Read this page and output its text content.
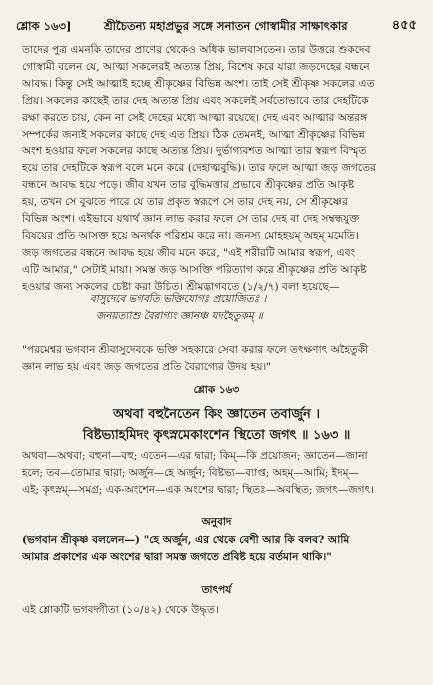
শ্লোক ১৬৩]	শ্রীচৈতন্য মহাপ্রভুর সঙ্গে সনাতন গোস্বামীর সাক্ষাৎকার	৪৫৫
তাদের পুত্র এমনকি তাদের প্রাণের থেকেও অধিক ভালবাসতেন। তার উত্তরে শুকদেব
গোস্বামী বলেন যে, আত্মা সকলেরই অত্যন্ত প্রিয়, বিশেষ করে যারা জড়দেহের বন্ধনে
আবদ্ধ। কিন্তু সেই আত্মাই হচ্ছে শ্রীকৃষ্ণের বিভিন্ন অংশ। তাই সেই শ্রীকৃষ্ণ সকলের এত
প্রিয়। সকলের কাছেই তার দেহ অত্যন্ত প্রিয় এবং সকলেই সর্বতোভাবে তার দেহটিকে
রক্ষা করতে চায়, কেন না সেই দেহের মধ্যে আত্মা রয়েছে। দেহ এবং আত্মার অন্তরঙ্গ
সম্পর্কের জন্যই সকলের কাছে দেহ এত প্রিয়। ঠিক তেমনই, আত্মা শ্রীকৃষ্ণের বিভিন্ন
অংশ হওয়ার ফলে সকলের কাছে অত্যন্ত প্রিয়। দুর্ভাগ্যবশত আত্মা তার স্বরূপ বিস্মৃত
হয়ে তার দেহটিকে স্বরূপ বলে মনে করে (দেহাত্মবুদ্ধি)। তার ফলে আত্মা জড় জগতের
বন্ধনে আবদ্ধ হয়ে পড়ে। জীব যখন তার বুদ্ধিমত্তার প্রভাবে শ্রীকৃষ্ণের প্রতি আকৃষ্ট
হয়, তখন সে বুঝতে পারে যে তার প্রকৃত স্বরূপে সে তার দেহ নয়, সে শ্রীকৃষ্ণের
বিভিন্ন অংশ। এইভাবে যথার্থ জ্ঞান লাভ করার ফলে সে তার দেহ বা দেহ সম্বন্ধযুক্ত
বিষয়ের প্রতি আসক্ত হয়ে অনর্থক পরিশ্রম করে না। জনস্য মোহহয়ম্ অহম্ মমেতি।
জড় জগতের বন্ধনে আবদ্ধ হয়ে জীব মনে করে, "এই শরীরটি আমার স্বরূপ, এবং
এটি আমার," সেটাই মায়া। সমস্ত জড় আসক্তি পরিত্যাগ করে শ্রীকৃষ্ণের প্রতি আকৃষ্ট
হওয়ার জন্য সকলের চেষ্টা করা উচিত। শ্রীমদ্ভাগবতে (১/২/৭) বলা হয়েছে—
বাসুদেবে ভগবতি ভক্তিযোগঃ প্রয়োজিতঃ ।
জনয়ত্যাশু বৈরাগ্যং জ্ঞানঞ্চ যদহৈতুকম্ ॥
"পরমেশ্বর ভগবান শ্রীবাসুদেবকে ভক্তি সহকারে সেবা করার ফলে তৎক্ষণাৎ অহৈতুকী
জ্ঞান লাভ হয় এবং জড় জগতের প্রতি বৈরাগ্যের উদয় হয়।"
শ্লোক ১৬৩
অথবা বহুনৈতেন কিং জ্ঞাতেন তবার্জুন ।
বিষ্টভ্যাহমিদং কৃৎস্নমেকাংশেন স্থিতো জগৎ ॥ ১৬৩ ॥
অথবা—অথবা; বহুনা—বহু; এতেন—এর দ্বারা; কিম্—কি প্রয়োজন; জ্ঞাতেন—জানা
হলে; তব—তোমার দ্বারা; অর্জুন—হে অর্জুন; বিষ্টভ্য—ব্যাপ্ত; অহম্—আমি; ইদম্—
এই; কৃৎস্নম্—সমগ্র; এক-অংশেন—এক অংশের দ্বারা; স্থিতঃ—অবস্থিত; জগৎ—জগৎ।
অনুবাদ
(ভগবান শ্রীকৃষ্ণ বললেন—) "হে অর্জুন, এর থেকে বেশী আর কি বলব? আমি
আমার প্রকাশের এক অংশের দ্বারা সমস্ত জগতে প্রবিষ্ট হয়ে বর্তমান থাকি।"
তাৎপর্য
এই শ্লোকটি ভগবদ্গীতা (১০/৪২) থেকে উদ্ধৃত।
